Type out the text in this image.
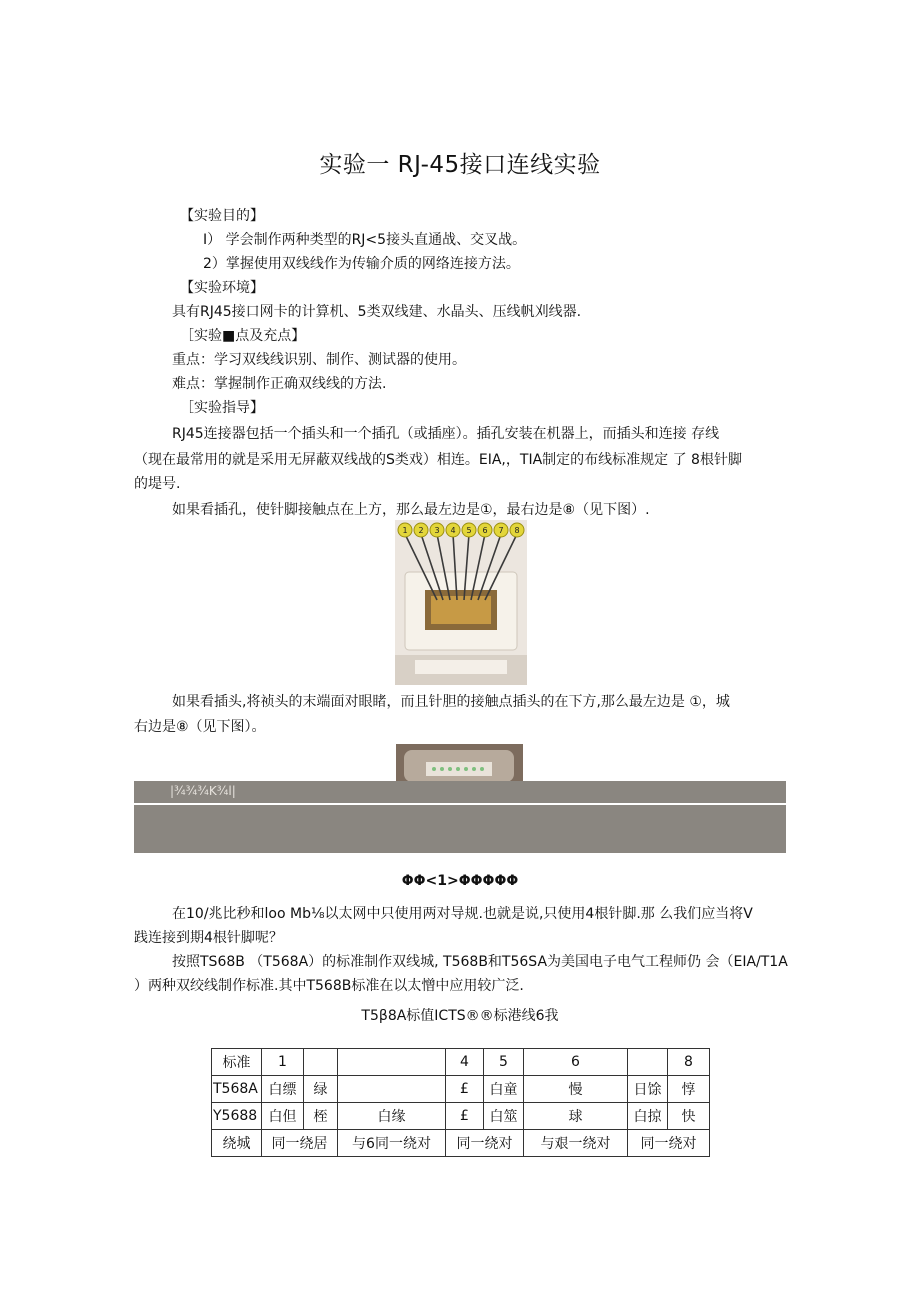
实验一 RJ-45接口连线实验
【实验目的】
I） 学会制作两种类型的RJ<5接头直通战、交叉战。
2）掌握使用双线线作为传输介质的网络连接方法。
【实验环境】
具有RJ45接口网卡的计算机、5类双线建、水晶头、压线帆刈线器.
［实验■点及充点】
重点：学习双线线识别、制作、测试器的使用。
难点：掌握制作正确双线线的方法.
［实验指导】
RJ45连接器包括一个插头和一个插孔（或插座）。插孔安装在机器上，而插头和连接 存线
（现在最常用的就是采用无屏蔽双线战的S类戏）相连。EIA,，TIA制定的布线标准规定 了 8根针脚
的堤号.
如果看插孔，使针脚接触点在上方，那么最左边是①，最右边是⑧（见下图）.
1 2 3 4 5 6 7 8
如果看插头,将祯头的末端面对眼睹，而且针胆的接触点插头的在下方,那么最左边是 ①，城
右边是⑧（见下图）。
|¾¾¾K¾l|
ΦΦ<1>ΦΦΦΦΦ
在10/兆比秒和loo Mb⅛以太网中只使用两对导规.也就是说,只使用4根针脚.那 么我们应当将V
践连接到期4根针脚呢？
按照TS68B （T568A）的标准制作双线城, T568B和T56SA为美国电子电气工程师仍 会（EIA/T1A
）两种双绞线制作标准.其中T568B标准在以太憎中应用较广泛.
T5β8A标值ICTS®®标港线6我
标准	1			4	5	6		8
T568A	白缥	绿		£	白童	慢	日馀	惇
Y5688	白但	桎	白缘	£	白筮	球	白掠	快
绕城	同一绕居		与6同一绕对	同一绕对		与艰一绕对	同一绕对	
